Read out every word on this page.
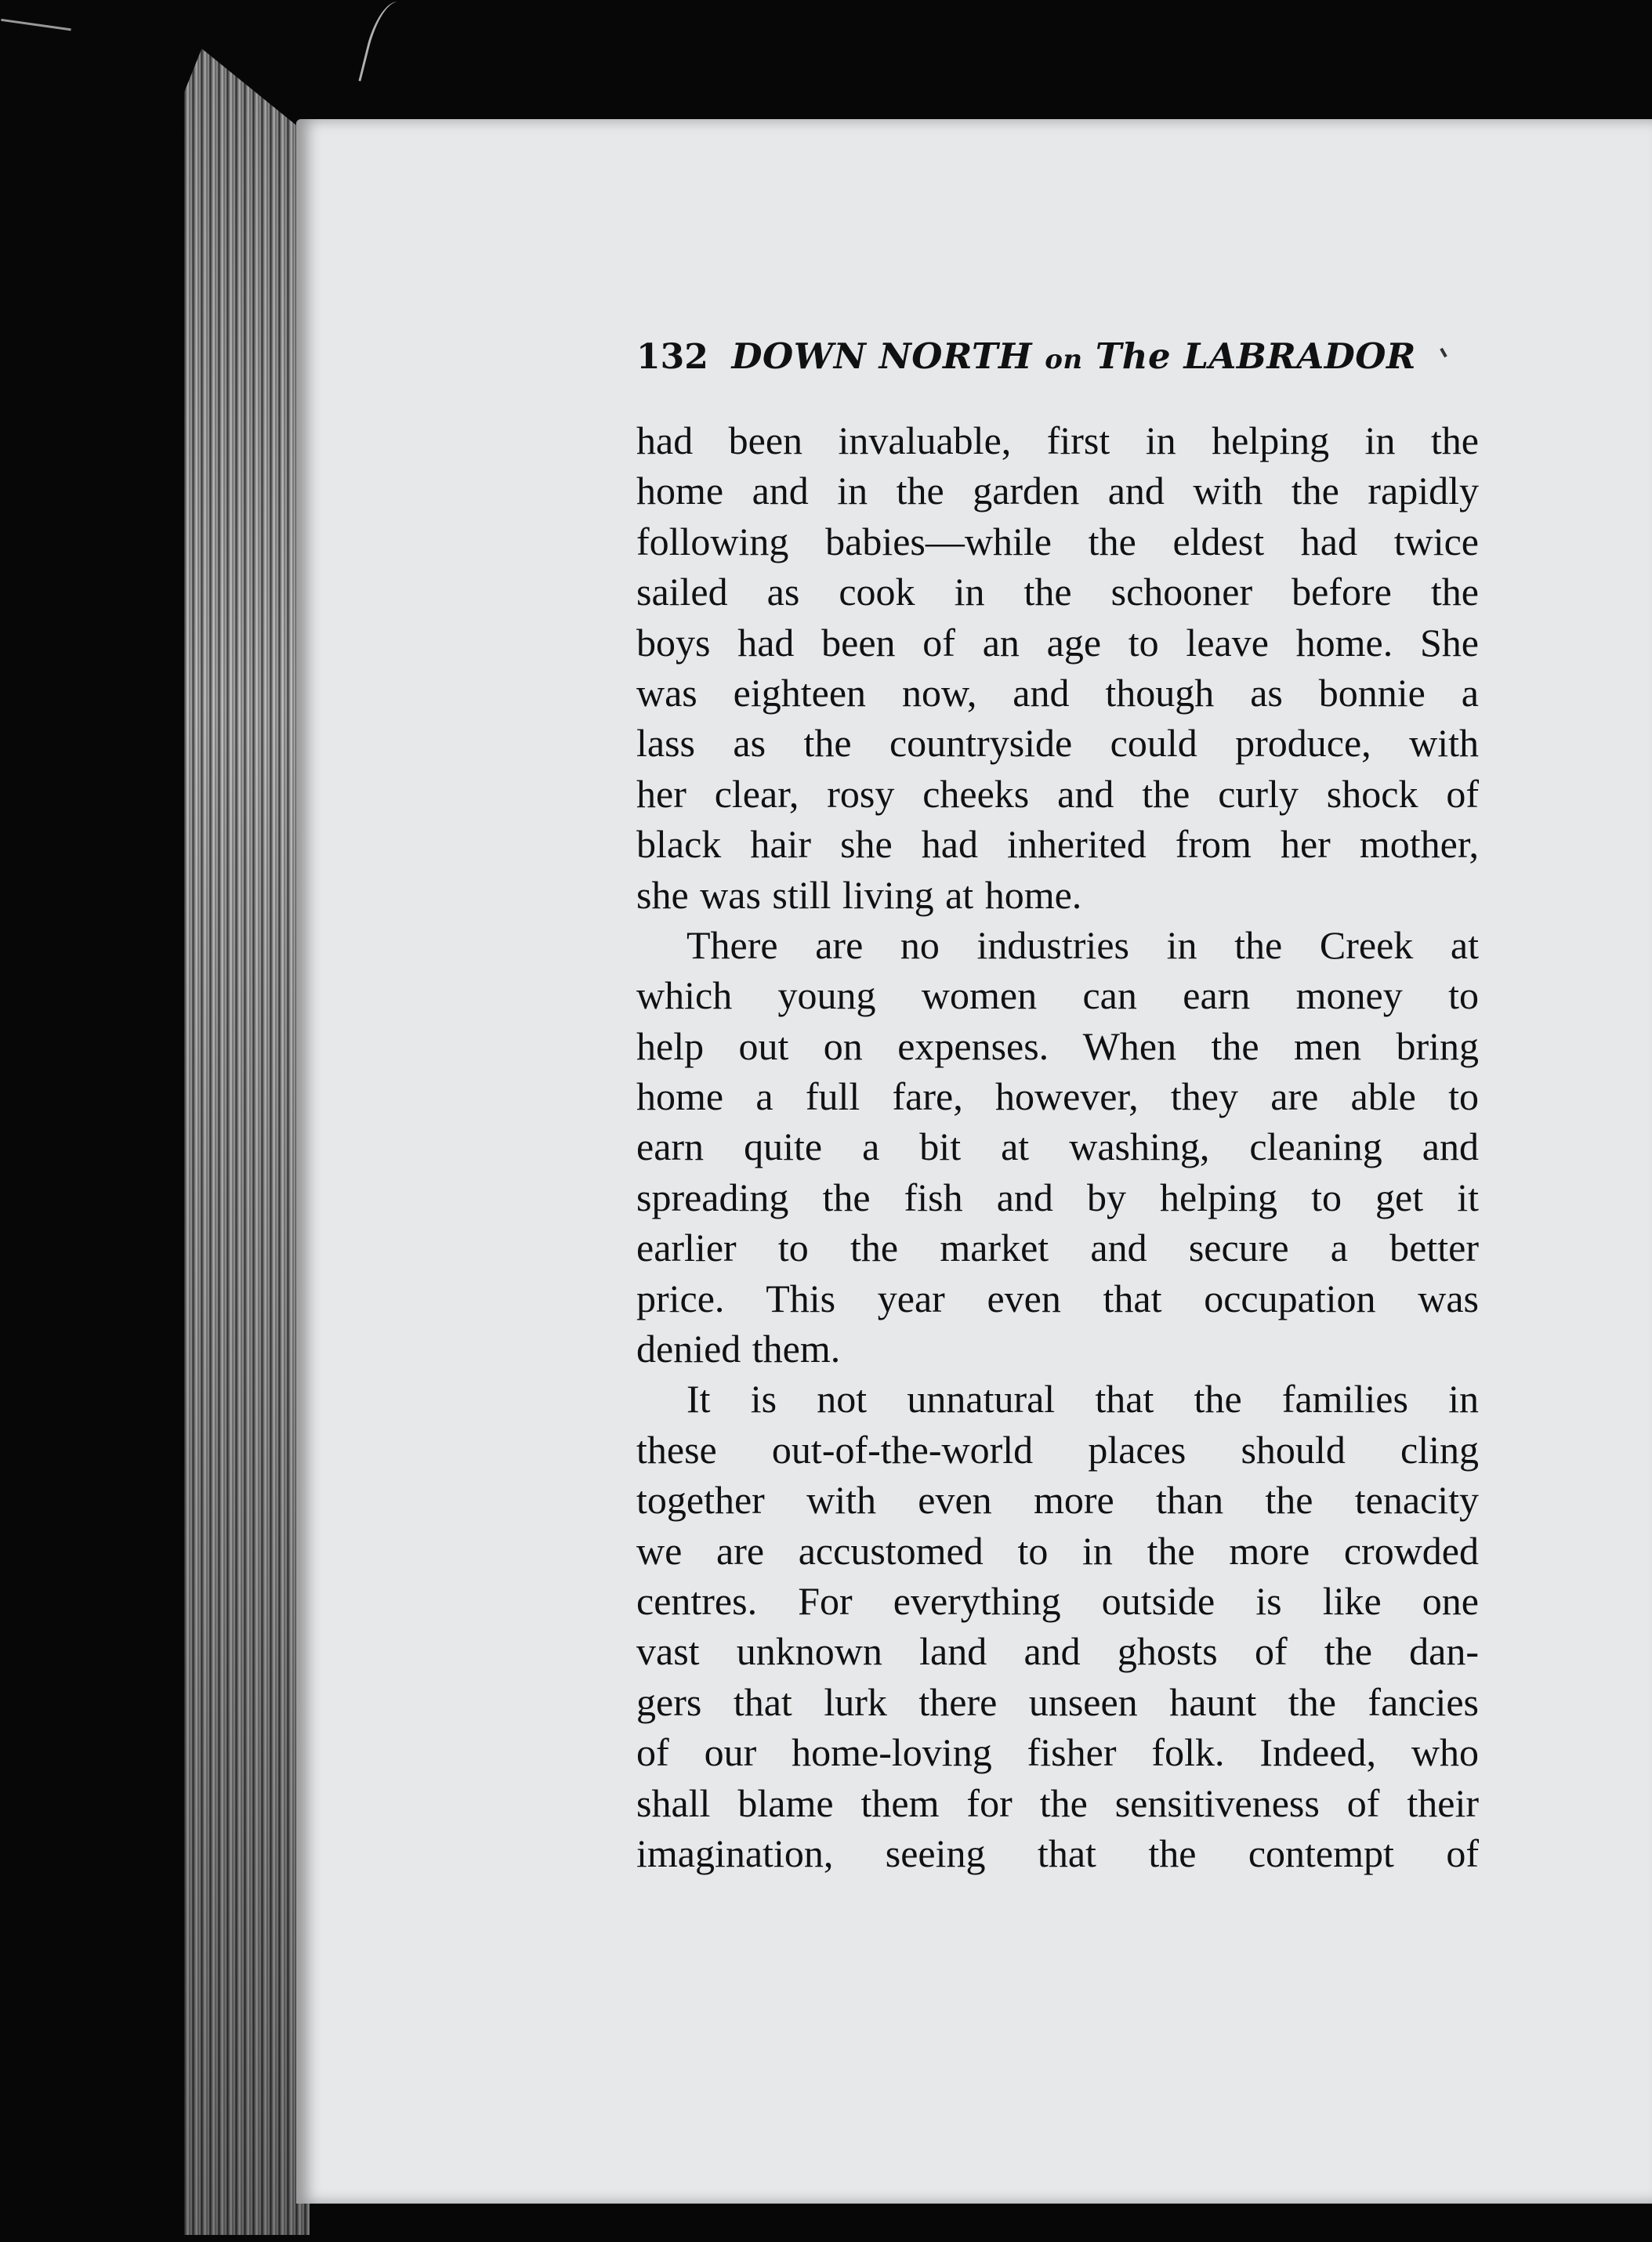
132 DOWN NORTH on The LABRADOR

had been invaluable, first in helping in the
home and in the garden and with the rapidly
following babies—while the eldest had twice
sailed as cook in the schooner before the
boys had been of an age to leave home. She
was eighteen now, and though as bonnie a
lass as the countryside could produce, with
her clear, rosy cheeks and the curly shock of
black hair she had inherited from her mother,
she was still living at home.

There are no industries in the Creek at
which young women can earn money to
help out on expenses. When the men bring
home a full fare, however, they are able to
earn quite a bit at washing, cleaning and
spreading the fish and by helping to get it
earlier to the market and secure a better
price. This year even that occupation was
denied them.

It is not unnatural that the families in
these out-of-the-world places should cling
together with even more than the tenacity
we are accustomed to in the more crowded
centres. For everything outside is like one
vast unknown land and ghosts of the dan-
gers that lurk there unseen haunt the fancies
of our home-loving fisher folk. Indeed, who
shall blame them for the sensitiveness of their
imagination, seeing that the contempt of
